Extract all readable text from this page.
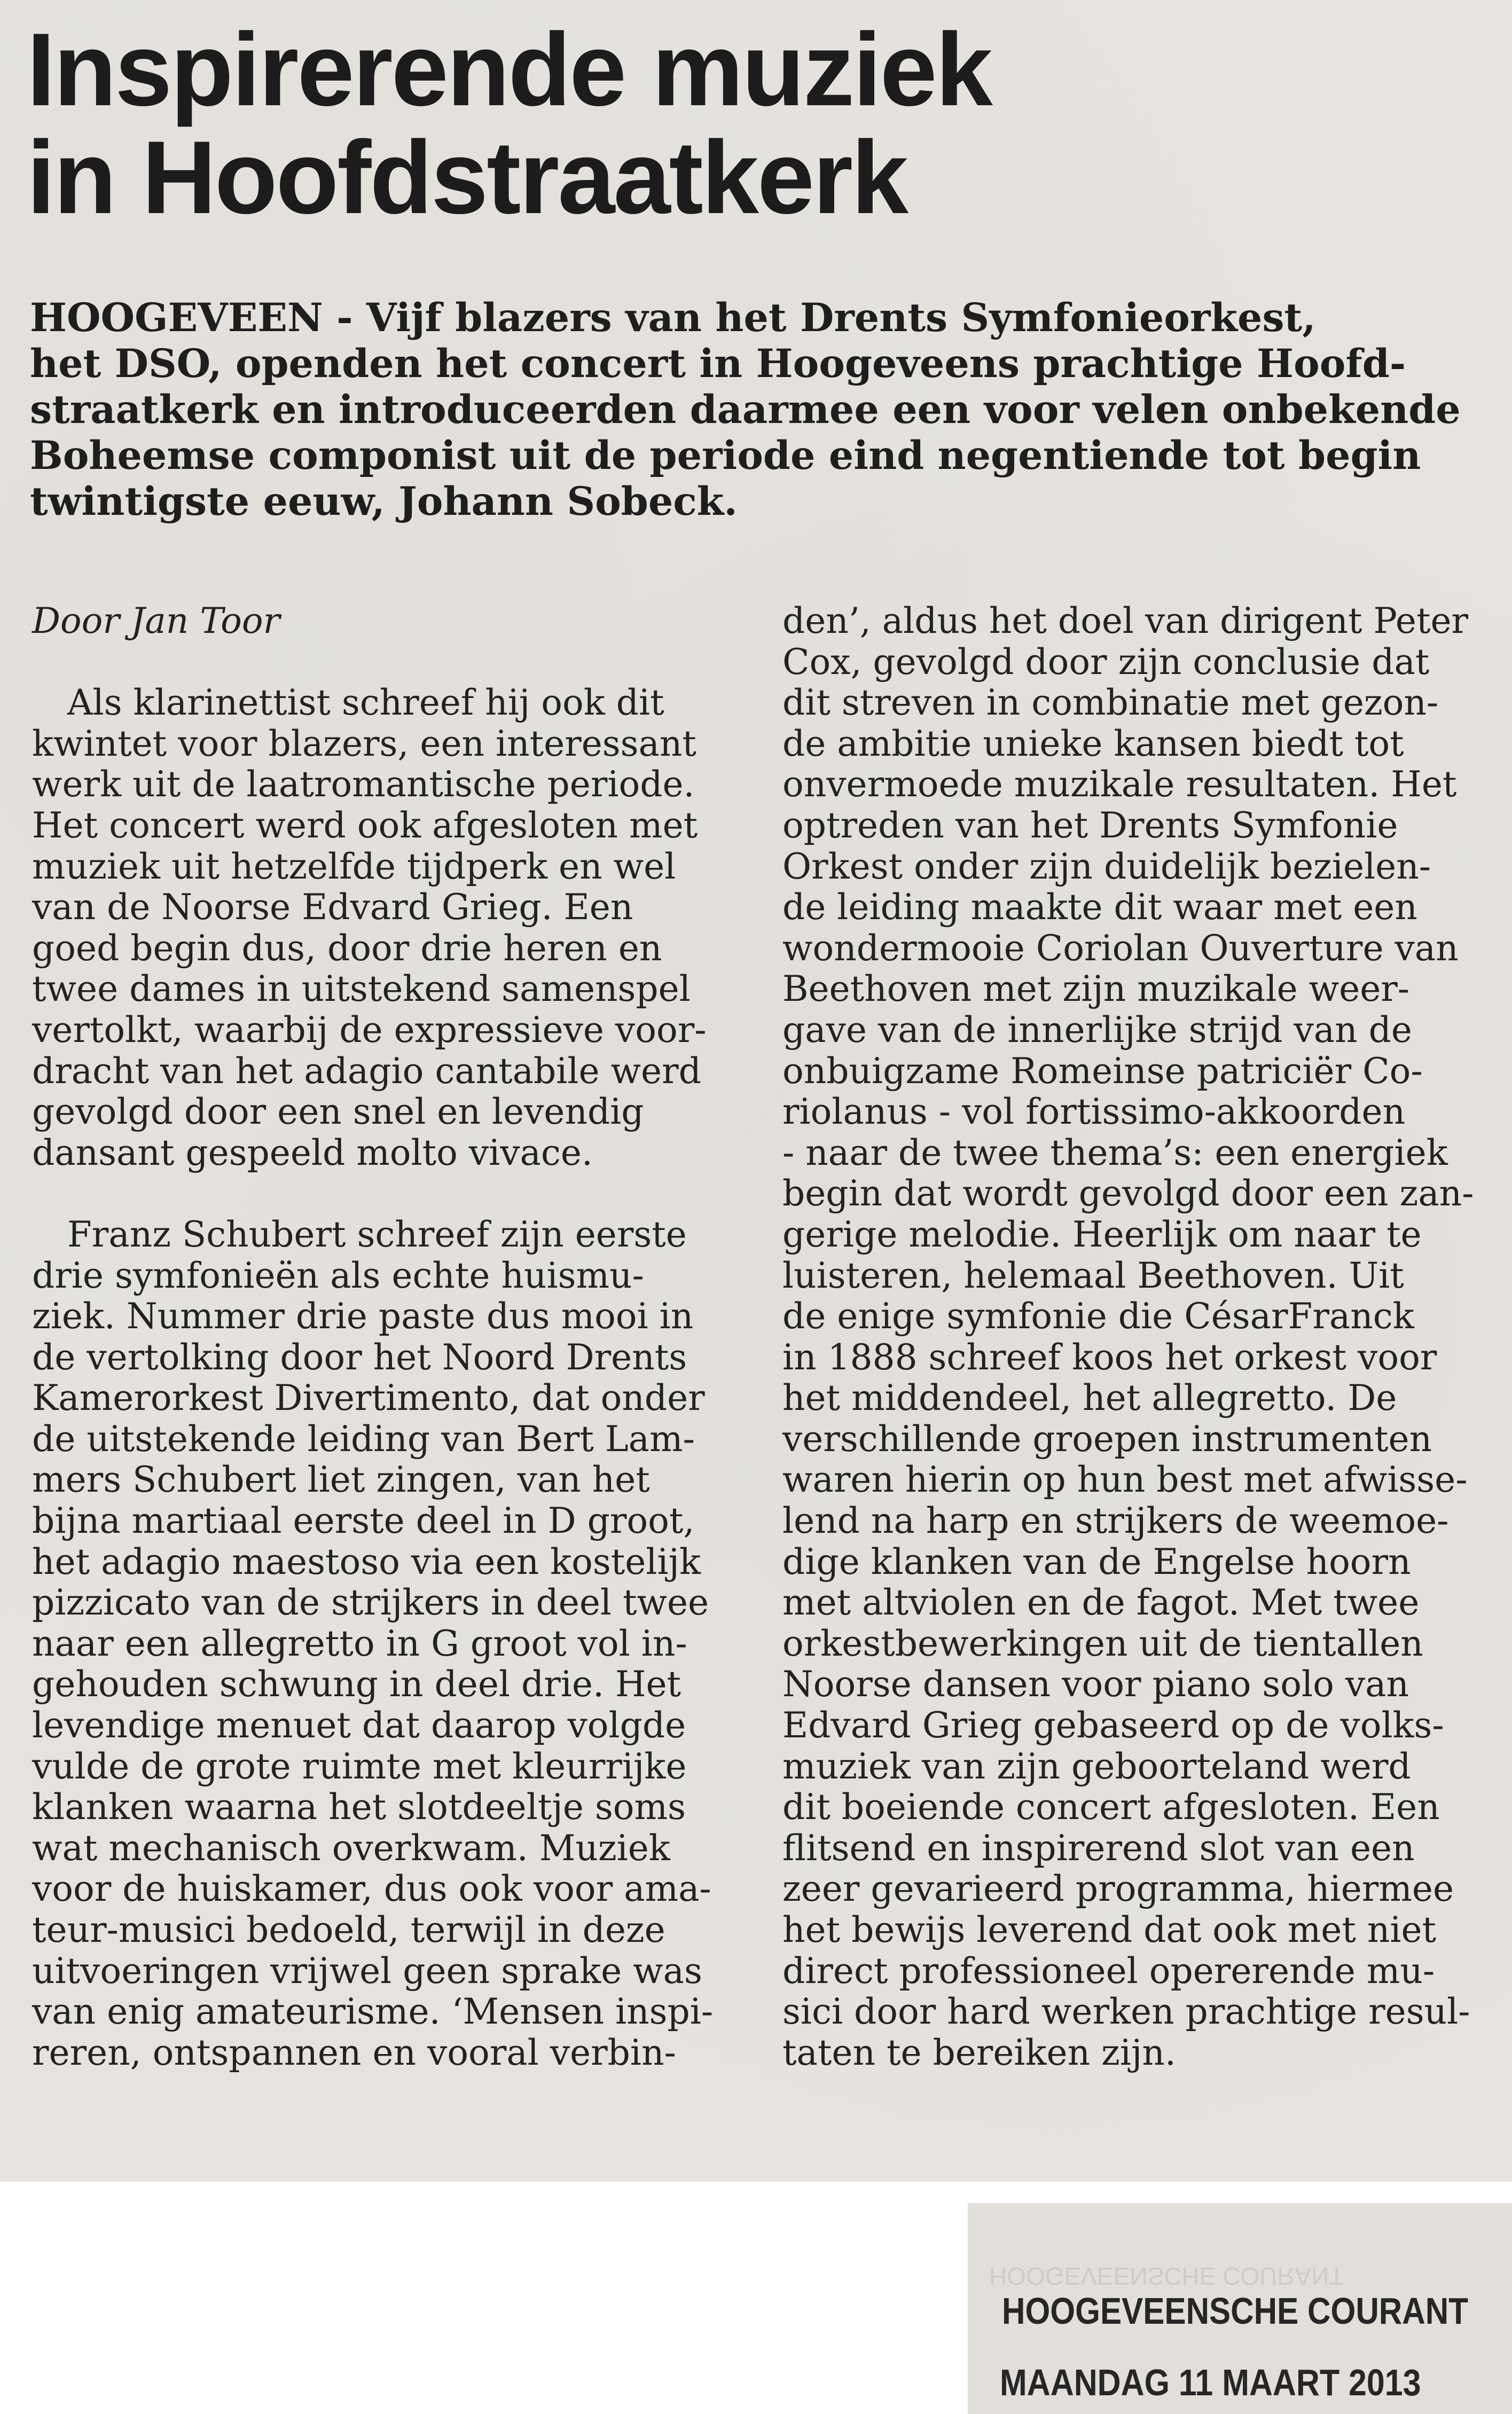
Inspirerende muziek
in Hoofdstraatkerk

HOOGEVEEN - Vijf blazers van het Drents Symfonieorkest,
het DSO, openden het concert in Hoogeveens prachtige Hoofd-
straatkerk en introduceerden daarmee een voor velen onbekende
Boheemse componist uit de periode eind negentiende tot begin
twintigste eeuw, Johann Sobeck.

Door Jan Toor
Als klarinettist schreef hij ook dit
kwintet voor blazers, een interessant
werk uit de laatromantische periode.
Het concert werd ook afgesloten met
muziek uit hetzelfde tijdperk en wel
van de Noorse Edvard Grieg. Een
goed begin dus, door drie heren en
twee dames in uitstekend samenspel
vertolkt, waarbij de expressieve voor-
dracht van het adagio cantabile werd
gevolgd door een snel en levendig
dansant gespeeld molto vivace.
Franz Schubert schreef zijn eerste
drie symfonieën als echte huismu-
ziek. Nummer drie paste dus mooi in
de vertolking door het Noord Drents
Kamerorkest Divertimento, dat onder
de uitstekende leiding van Bert Lam-
mers Schubert liet zingen, van het
bijna martiaal eerste deel in D groot,
het adagio maestoso via een kostelijk
pizzicato van de strijkers in deel twee
naar een allegretto in G groot vol in-
gehouden schwung in deel drie. Het
levendige menuet dat daarop volgde
vulde de grote ruimte met kleurrijke
klanken waarna het slotdeeltje soms
wat mechanisch overkwam. Muziek
voor de huiskamer, dus ook voor ama-
teur-musici bedoeld, terwijl in deze
uitvoeringen vrijwel geen sprake was
van enig amateurisme. ‘Mensen inspi-
reren, ontspannen en vooral verbin-
den’, aldus het doel van dirigent Peter
Cox, gevolgd door zijn conclusie dat
dit streven in combinatie met gezon-
de ambitie unieke kansen biedt tot
onvermoede muzikale resultaten. Het
optreden van het Drents Symfonie
Orkest onder zijn duidelijk bezielen-
de leiding maakte dit waar met een
wondermooie Coriolan Ouverture van
Beethoven met zijn muzikale weer-
gave van de innerlijke strijd van de
onbuigzame Romeinse patriciër Co-
riolanus - vol fortissimo-akkoorden
- naar de twee thema’s: een energiek
begin dat wordt gevolgd door een zan-
gerige melodie. Heerlijk om naar te
luisteren, helemaal Beethoven. Uit
de enige symfonie die CésarFranck
in 1888 schreef koos het orkest voor
het middendeel, het allegretto. De
verschillende groepen instrumenten
waren hierin op hun best met afwisse-
lend na harp en strijkers de weemoe-
dige klanken van de Engelse hoorn
met altviolen en de fagot. Met twee
orkestbewerkingen uit de tientallen
Noorse dansen voor piano solo van
Edvard Grieg gebaseerd op de volks-
muziek van zijn geboorteland werd
dit boeiende concert afgesloten. Een
flitsend en inspirerend slot van een
zeer gevarieerd programma, hiermee
het bewijs leverend dat ook met niet
direct professioneel opererende mu-
sici door hard werken prachtige resul-
taten te bereiken zijn.
HOOGEVEENSCHE COURANT
HOOGEVEENSCHE COURANT
MAANDAG 11 MAART 2013
